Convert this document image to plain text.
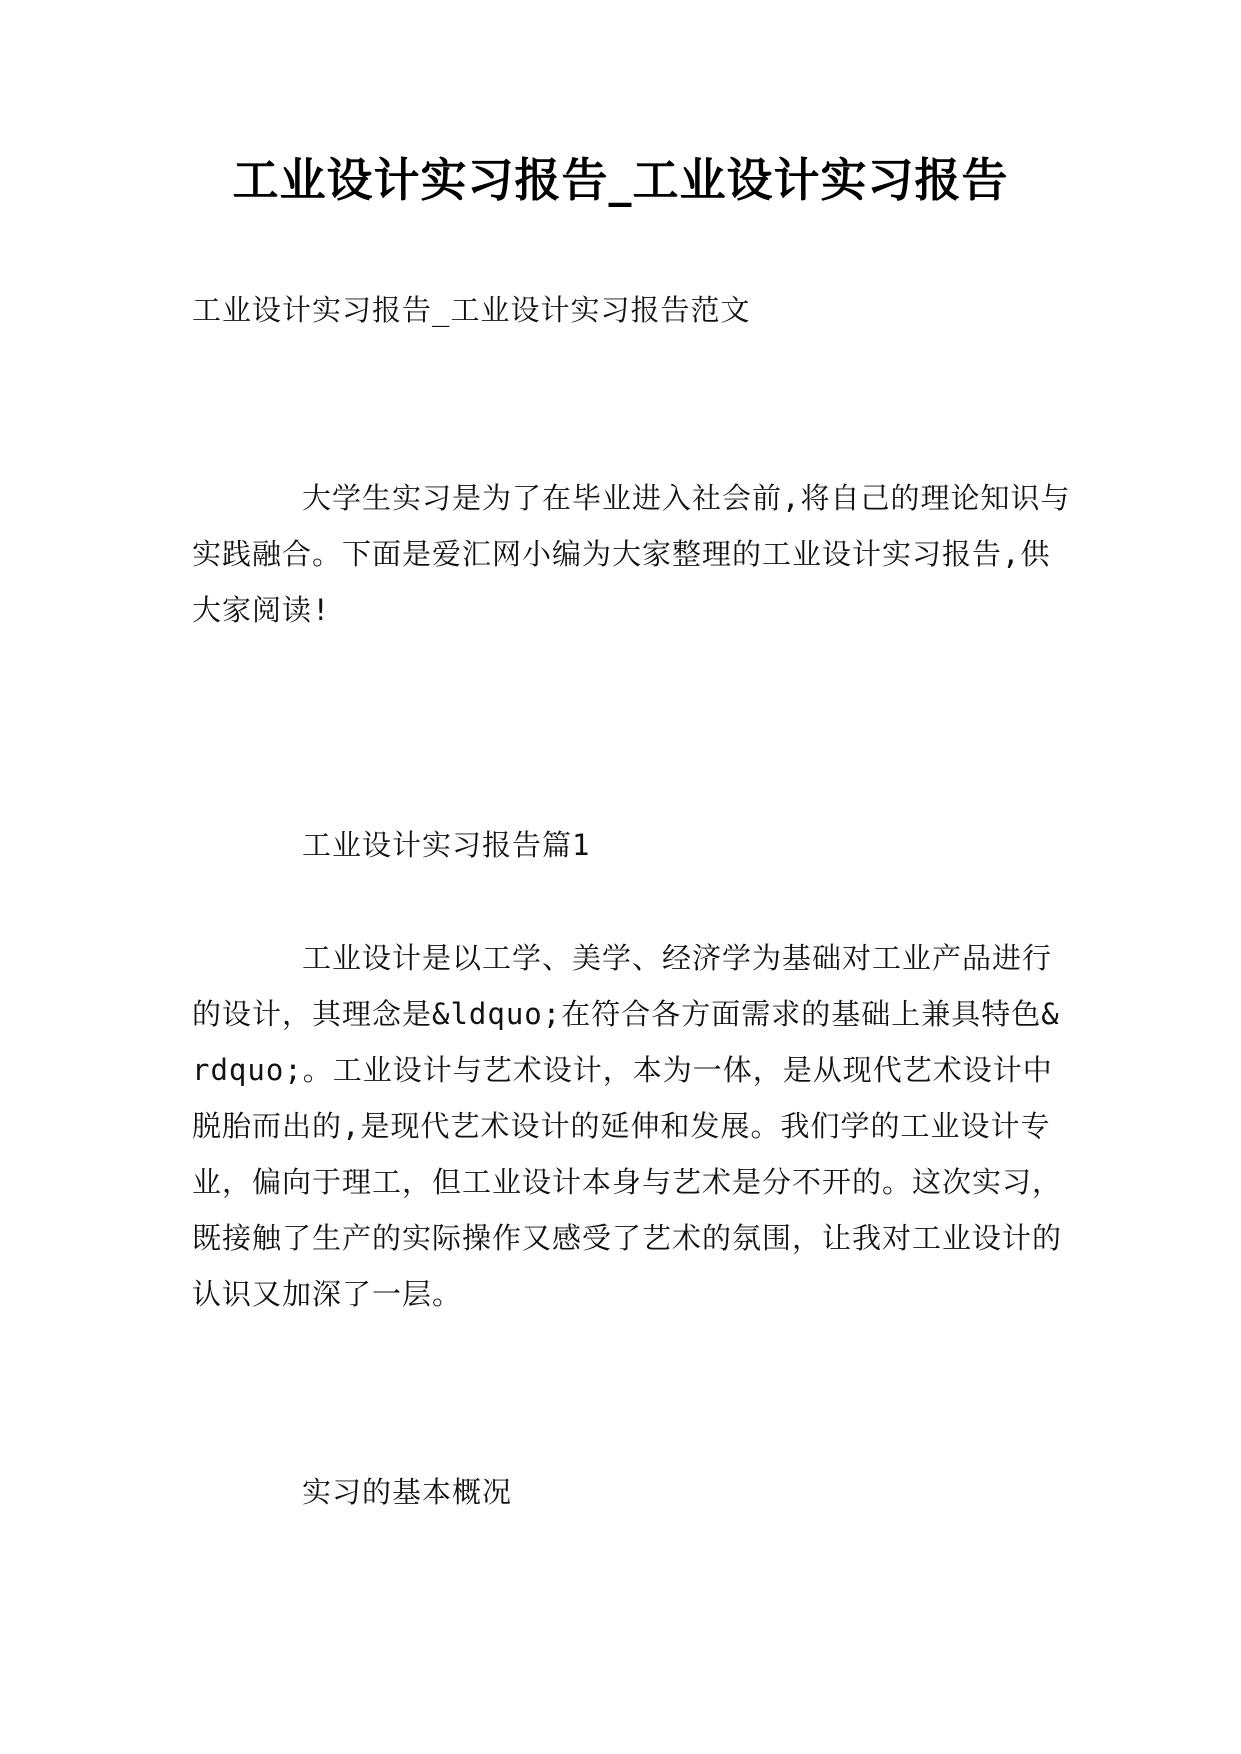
工业设计实习报告_工业设计实习报告
工业设计实习报告_工业设计实习报告范文

大学生实习是为了在毕业进入社会前,将自己的理论知识与实践融合。下面是爱汇网小编为大家整理的工业设计实习报告,供大家阅读!

工业设计实习报告篇1

工业设计是以工学、美学、经济学为基础对工业产品进行的设计，其理念是&ldquo;在符合各方面需求的基础上兼具特色&rdquo;。工业设计与艺术设计，本为一体，是从现代艺术设计中脱胎而出的,是现代艺术设计的延伸和发展。我们学的工业设计专业，偏向于理工，但工业设计本身与艺术是分不开的。这次实习，既接触了生产的实际操作又感受了艺术的氛围，让我对工业设计的认识又加深了一层。

实习的基本概况
